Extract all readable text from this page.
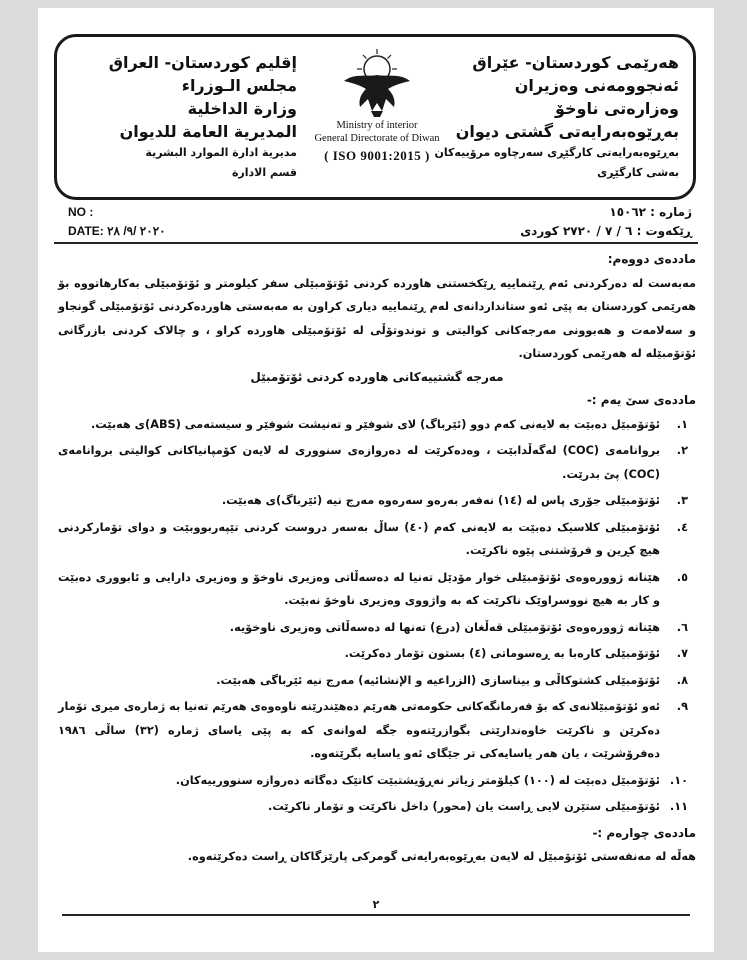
هەرێمی کوردستان- عێراق
ئەنجوومەنی وەزیران
وەزارەتی ناوخۆ
بەڕێوەبەرایەتی گشتی دیوان
بەڕێوەبەرایەتی کارگێڕی سەرچاوە مرۆییەکان
بەشی کارگێڕی
Ministry of interior
General Directorate of Diwan
( ISO 9001:2015 )
إقليم كوردستان- العراق
مجلس الـوزراء
وزارة الداخلية
المديرية العامة للديوان
مديرية ادارة الموارد البشرية
قسم الادارة
NO :
DATE: ٢٠٢٠ /٩/ ٢٨
ژمارە : ١٥٠٦٢
ڕێکەوت : ٦ / ٧ / ٢٧٢٠ کوردی

ماددەی دووەم:

مەبەست لە دەرکردنی ئەم ڕێنماییە ڕێکخستنی هاوردە کردنی ئۆتۆمبێلی سفر کیلومتر و ئۆتۆمبێلی بەکارهاتووە بۆ هەرێمی کوردستان بە پێی ئەو ستانداردانەی لەم ڕێنماییە دیاری کراون بە مەبەستی هاوردەکردنی ئۆتۆمبێلی گونجاو و سەلامەت و هەبوونی مەرجەکانی کوالیتی و توندوتۆڵی لە ئۆتۆمبێلی هاوردە کراو ، و چالاک کردنی بازرگانی ئۆتۆمبێلە لە هەرێمی کوردستان.

مەرجە گشتییەکانی هاوردە کردنی ئۆتۆمبێل

ماددەی سێ یەم :-

١.
ئۆتۆمبێل دەبێت بە لایەنی کەم دوو (ئێرباگ) لای شوفێر و تەنیشت شوفێر و سیستەمی (ABS)ی هەبێت.
٢.
بروانامەی (COC) لەگەڵدابێت ، وەدەکرێت لە دەروازەی سنووری لە لایەن کۆمپانیاکانی کوالیتی بروانامەی (COC) پێ بدرێت.
٣.
ئۆتۆمبێلی جۆری پاس لە (١٤) نەفەر بەرەو سەرەوە مەرج نیە (ئێرباگ)ی هەبێت.
٤.
ئۆتۆمبێلی کلاسیک دەبێت بە لایەنی کەم (٤٠) ساڵ بەسەر دروست کردنی تێپەربووبێت و دوای تۆمارکردنی هیچ کڕین و فرۆشتنی پێوە ناکرێت.
٥.
هێنانە ژوورەوەی ئۆتۆمبێلی خوار مۆدێل تەنیا لە دەسەڵاتی وەزیری ناوخۆ و وەزیری دارایی و ئابووری دەبێت و کار بە هیچ نووسراوێک ناکرێت کە بە واژووی وەزیری ناوخۆ نەبێت.
٦.
هێنانە ژوورەوەی ئۆتۆمبێلی قەڵغان (درع) تەنها لە دەسەڵاتی وەزیری ناوخۆیە.
٧.
ئۆتۆمبێلی کارەبا بە ڕەسوماتی (٤) بستون تۆمار دەکرێت.
٨.
ئۆتۆمبێلی کشتوکاڵی و بیناسازی (الزراعیە و الإنشائیە) مەرج نیە ئێرباگی هەبێت.
٩.
ئەو ئۆتۆمبێلانەی کە بۆ فەرمانگەکانی حکومەتی هەرێم دەهێندرێنە ناوەوەی هەرێم تەنیا بە ژمارەی میری تۆمار دەکرێن و ناکرێت خاوەندارێتی بگوازرێتەوە جگە لەوانەی کە بە پێی یاسای ژمارە (٣٢) ساڵی ١٩٨٦ دەفرۆشرێت ، یان هەر یاسایەکی تر جێگای ئەو یاسایە بگرێتەوە.
١٠.
ئۆتۆمبێل دەبێت لە (١٠٠) کیلۆمتر زیاتر نەڕۆیشتبێت کاتێک دەگاتە دەروازە سنوورییەکان.
١١.
ئۆتۆمبێلی ستێرن لایی ڕاست یان (محور) داخل ناکرێت و تۆمار ناکرێت.

ماددەی چوارەم :-

هەڵە لە مەنفەستی ئۆتۆمبێل لە لایەن بەڕێوەبەرایەتی گومرکی پارێزگاکان ڕاست دەکرێتەوە.

٢
